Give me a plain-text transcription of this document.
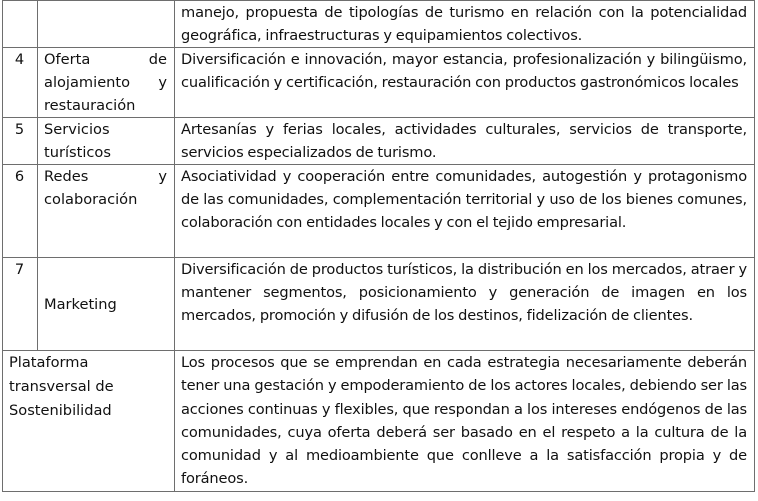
		manejo, propuesta de tipologías de turismo en relación con la potencialidad geográfica, infraestructuras y equipamientos colectivos.
4	Oferta de alojamiento y restauración	Diversificación e innovación, mayor estancia, profesionalización y bilingüismo, cualificación y certificación, restauración con productos gastronómicos locales
5	Servicios turísticos	Artesanías y ferias locales, actividades culturales, servicios de transporte, servicios especializados de turismo.
6	Redes y colaboración	Asociatividad y cooperación entre comunidades, autogestión y protagonismo de las comunidades, complementación territorial y uso de los bienes comunes, colaboración con entidades locales y con el tejido empresarial.
7	Marketing	Diversificación de productos turísticos, la distribución en los mercados, atraer y mantener segmentos, posicionamiento y generación de imagen en los mercados, promoción y difusión de los destinos, fidelización de clientes.
Plataforma transversal de Sostenibilidad		Los procesos que se emprendan en cada estrategia necesariamente deberán tener una gestación y empoderamiento de los actores locales, debiendo ser las acciones continuas y flexibles, que respondan a los intereses endógenos de las comunidades, cuya oferta deberá ser basado en el respeto a la cultura de la comunidad y al medioambiente que conlleve a la satisfacción propia y de foráneos.
